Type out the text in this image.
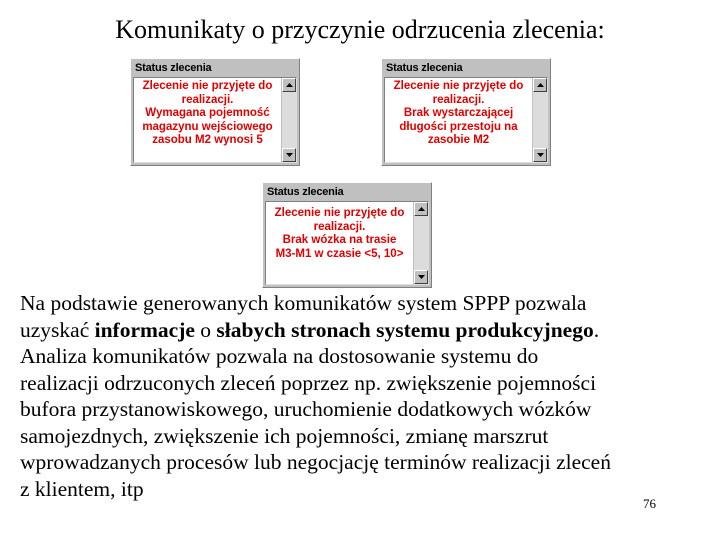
Komunikaty o przyczynie odrzucenia zlecenia:
Status zlecenia
Zlecenie nie przyjęte do
realizacji.
Wymagana pojemność
magazynu wejściowego
zasobu M2 wynosi 5
Status zlecenia
Zlecenie nie przyjęte do
realizacji.
Brak wystarczającej
długości przestoju na
zasobie M2
Status zlecenia
Zlecenie nie przyjęte do
realizacji.
Brak wózka na trasie
M3-M1 w czasie <5, 10>
Na podstawie generowanych komunikatów system SPPP pozwala
uzyskać informacje o słabych stronach systemu produkcyjnego.
Analiza komunikatów pozwala na dostosowanie systemu do
realizacji odrzuconych zleceń poprzez np. zwiększenie pojemności
bufora przystanowiskowego, uruchomienie dodatkowych wózków
samojezdnych, zwiększenie ich pojemności, zmianę marszrut
wprowadzanych procesów lub negocjację terminów realizacji zleceń
z klientem, itp
76
